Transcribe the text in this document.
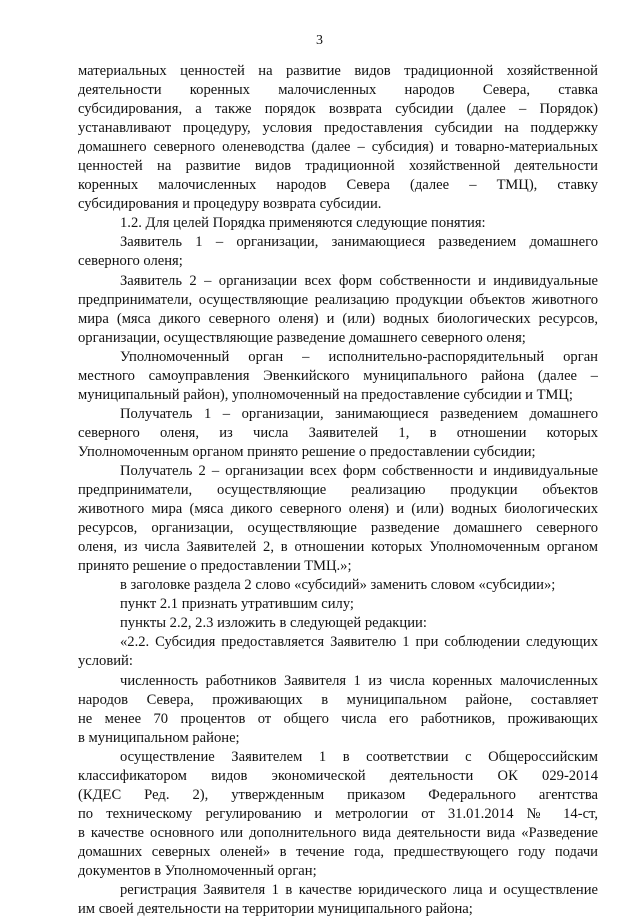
3
материальных ценностей на развитие видов традиционной хозяйственной
деятельности коренных малочисленных народов Севера, ставка
субсидирования, а также порядок возврата субсидии (далее – Порядок)
устанавливают процедуру, условия предоставления субсидии на поддержку
домашнего северного оленеводства (далее – субсидия) и товарно-материальных
ценностей на развитие видов традиционной хозяйственной деятельности
коренных малочисленных народов Севера (далее – ТМЦ), ставку
субсидирования и процедуру возврата субсидии.
1.2. Для целей Порядка применяются следующие понятия:
Заявитель 1 – организации, занимающиеся разведением домашнего
северного оленя;
Заявитель 2 – организации всех форм собственности и индивидуальные
предприниматели, осуществляющие реализацию продукции объектов животного
мира (мяса дикого северного оленя) и (или) водных биологических ресурсов,
организации, осуществляющие разведение домашнего северного оленя;
Уполномоченный орган – исполнительно-распорядительный орган
местного самоуправления Эвенкийского муниципального района (далее –
муниципальный район), уполномоченный на предоставление субсидии и ТМЦ;
Получатель 1 – организации, занимающиеся разведением домашнего
северного оленя, из числа Заявителей 1, в отношении которых
Уполномоченным органом принято решение о предоставлении субсидии;
Получатель 2 – организации всех форм собственности и индивидуальные
предприниматели, осуществляющие реализацию продукции объектов
животного мира (мяса дикого северного оленя) и (или) водных биологических
ресурсов, организации, осуществляющие разведение домашнего северного
оленя, из числа Заявителей 2, в отношении которых Уполномоченным органом
принято решение о предоставлении ТМЦ.»;
в заголовке раздела 2 слово «субсидий» заменить словом «субсидии»;
пункт 2.1 признать утратившим силу;
пункты 2.2, 2.3 изложить в следующей редакции:
«2.2. Субсидия предоставляется Заявителю 1 при соблюдении следующих
условий:
численность работников Заявителя 1 из числа коренных малочисленных
народов Севера, проживающих в муниципальном районе, составляет
не менее 70 процентов от общего числа его работников, проживающих
в муниципальном районе;
осуществление Заявителем 1 в соответствии с Общероссийским
классификатором видов экономической деятельности ОК 029-2014
(КДЕС Ред. 2), утвержденным приказом Федерального агентства
по техническому регулированию и метрологии от 31.01.2014 № 14-ст,
в качестве основного или дополнительного вида деятельности вида «Разведение
домашних северных оленей» в течение года, предшествующего году подачи
документов в Уполномоченный орган;
регистрация Заявителя 1 в качестве юридического лица и осуществление
им своей деятельности на территории муниципального района;
